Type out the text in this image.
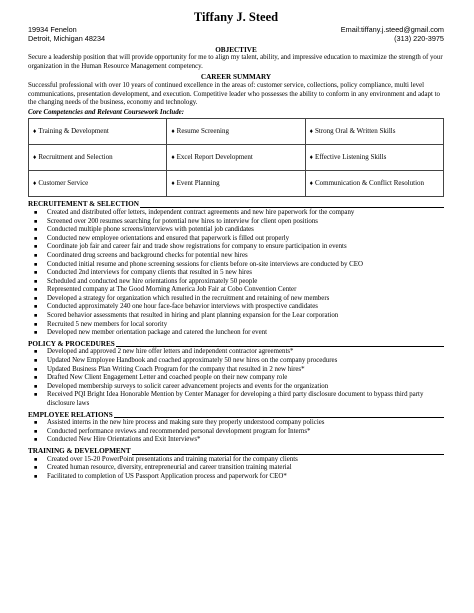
Tiffany J. Steed
19934 Fenelon	Email:tiffany.j.steed@gmail.com
Detroit, Michigan 48234	(313) 220-3975
OBJECTIVE

Secure a leadership position that will provide opportunity for me to align my talent, ability, and impressive education to maximize the strength of your organization in the Human Resource Management competency.

CAREER SUMMARY

Successful professional with over 10 years of continued excellence in the areas of: customer service, collections, policy compliance, multi level communications, presentation development, and execution. Competitive leader who possesses the ability to conform in any environment and adapt to the changing needs of the business, economy and technology.

Core Competencies and Relevant Coursework Include:
♦ Training & Development	♦ Resume Screening	♦ Strong Oral & Written Skills
♦ Recruitment and Selection	♦ Excel Report Development	♦ Effective Listening Skills
♦ Customer Service	♦ Event Planning	♦ Communication & Conflict Resolution
RECRUITEMENT & SELECTION
■ Created and distributed offer letters, independent contract agreements and new hire paperwork for the company
■ Screened over 200 resumes searching for potential new hires to interview for client open positions
■ Conducted multiple phone screens/interviews with potential job candidates
■ Conducted new employee orientations and ensured that paperwork is filled out properly
■ Coordinate job fair and career fair and trade show registrations for company to ensure participation in events
■ Coordinated drug screens and background checks for potential new hires
■ Conducted initial resume and phone screening sessions for clients before on-site interviews are conducted by CEO
■ Conducted 2nd interviews for company clients that resulted in 5 new hires
■ Scheduled and conducted new hire orientations for approximately 50 people
■ Represented company at The Good Morning America Job Fair at Cobo Convention Center
■ Developed a strategy for organization which resulted in the recruitment and retaining of new members
■ Conducted approximately 240 one hour face-face behavior interviews with prospective candidates
■ Scored behavior assessments that resulted in hiring and plant planning expansion for the Lear corporation
■ Recruited 5 new members for local sorority
■ Developed new member orientation package and catered the luncheon for event
POLICY & PROCEDURES
■ Developed and approved 2 new hire offer letters and independent contractor agreements*
■ Updated New Employee Handbook and coached approximately 50 new hires on the company procedures
■ Updated Business Plan Writing Coach Program for the company that resulted in 2 new hires*
■ Drafted New Client Engagement Letter and coached people on their new company role
■ Developed membership surveys to solicit career advancement projects and events for the organization
■ Received PQI Bright Idea Honorable Mention by Center Manager for developing a third party disclosure document to bypass third party disclosure laws
EMPLOYEE RELATIONS
■ Assisted interns in the new hire process and making sure they properly understood company policies
■ Conducted performance reviews and recommended personal development program for Interns*
■ Conducted New Hire Orientations and Exit Interviews*
TRAINING & DEVELOPMENT
■ Created over 15-20 PowerPoint presentations and training material for the company clients
■ Created human resource, diversity, entrepreneurial and career transition training material
■ Facilitated to completion of US Passport Application process and paperwork for CEO*
